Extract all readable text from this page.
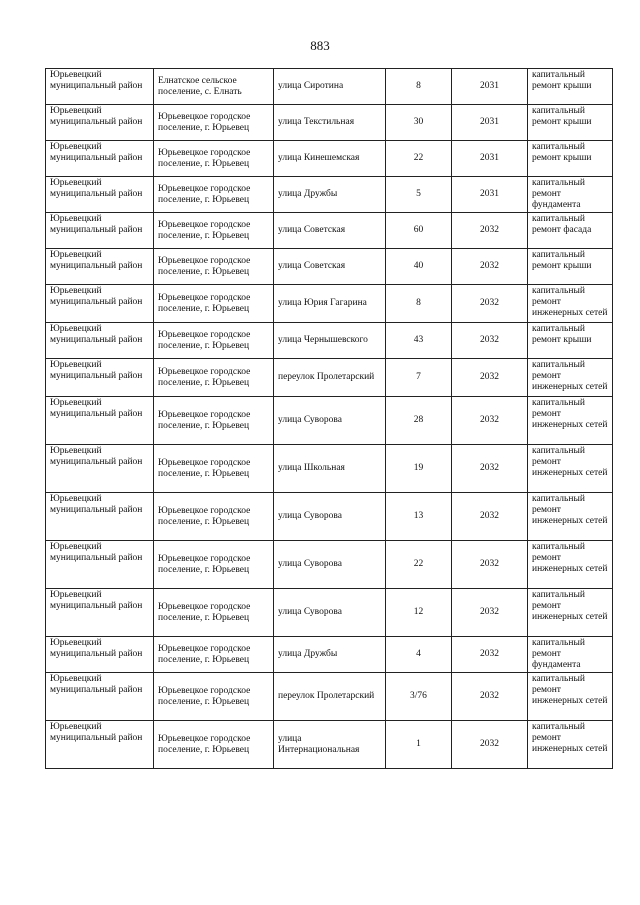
883
Юрьевецкий муниципальный район	Елнатское сельское поселение, с. Елнать	улица Сиротина	8	2031	капитальный ремонт крыши
Юрьевецкий муниципальный район	Юрьевецкое городское поселение, г. Юрьевец	улица Текстильная	30	2031	капитальный ремонт крыши
Юрьевецкий муниципальный район	Юрьевецкое городское поселение, г. Юрьевец	улица Кинешемская	22	2031	капитальный ремонт крыши
Юрьевецкий муниципальный район	Юрьевецкое городское поселение, г. Юрьевец	улица Дружбы	5	2031	капитальный ремонт фундамента
Юрьевецкий муниципальный район	Юрьевецкое городское поселение, г. Юрьевец	улица Советская	60	2032	капитальный ремонт фасада
Юрьевецкий муниципальный район	Юрьевецкое городское поселение, г. Юрьевец	улица Советская	40	2032	капитальный ремонт крыши
Юрьевецкий муниципальный район	Юрьевецкое городское поселение, г. Юрьевец	улица Юрия Гагарина	8	2032	капитальный ремонт инженерных сетей
Юрьевецкий муниципальный район	Юрьевецкое городское поселение, г. Юрьевец	улица Чернышевского	43	2032	капитальный ремонт крыши
Юрьевецкий муниципальный район	Юрьевецкое городское поселение, г. Юрьевец	переулок Пролетарский	7	2032	капитальный ремонт инженерных сетей
Юрьевецкий муниципальный район	Юрьевецкое городское поселение, г. Юрьевец	улица Суворова	28	2032	капитальный ремонт инженерных сетей
Юрьевецкий муниципальный район	Юрьевецкое городское поселение, г. Юрьевец	улица Школьная	19	2032	капитальный ремонт инженерных сетей
Юрьевецкий муниципальный район	Юрьевецкое городское поселение, г. Юрьевец	улица Суворова	13	2032	капитальный ремонт инженерных сетей
Юрьевецкий муниципальный район	Юрьевецкое городское поселение, г. Юрьевец	улица Суворова	22	2032	капитальный ремонт инженерных сетей
Юрьевецкий муниципальный район	Юрьевецкое городское поселение, г. Юрьевец	улица Суворова	12	2032	капитальный ремонт инженерных сетей
Юрьевецкий муниципальный район	Юрьевецкое городское поселение, г. Юрьевец	улица Дружбы	4	2032	капитальный ремонт фундамента
Юрьевецкий муниципальный район	Юрьевецкое городское поселение, г. Юрьевец	переулок Пролетарский	3/76	2032	капитальный ремонт инженерных сетей
Юрьевецкий муниципальный район	Юрьевецкое городское поселение, г. Юрьевец	улица Интернациональная	1	2032	капитальный ремонт инженерных сетей
